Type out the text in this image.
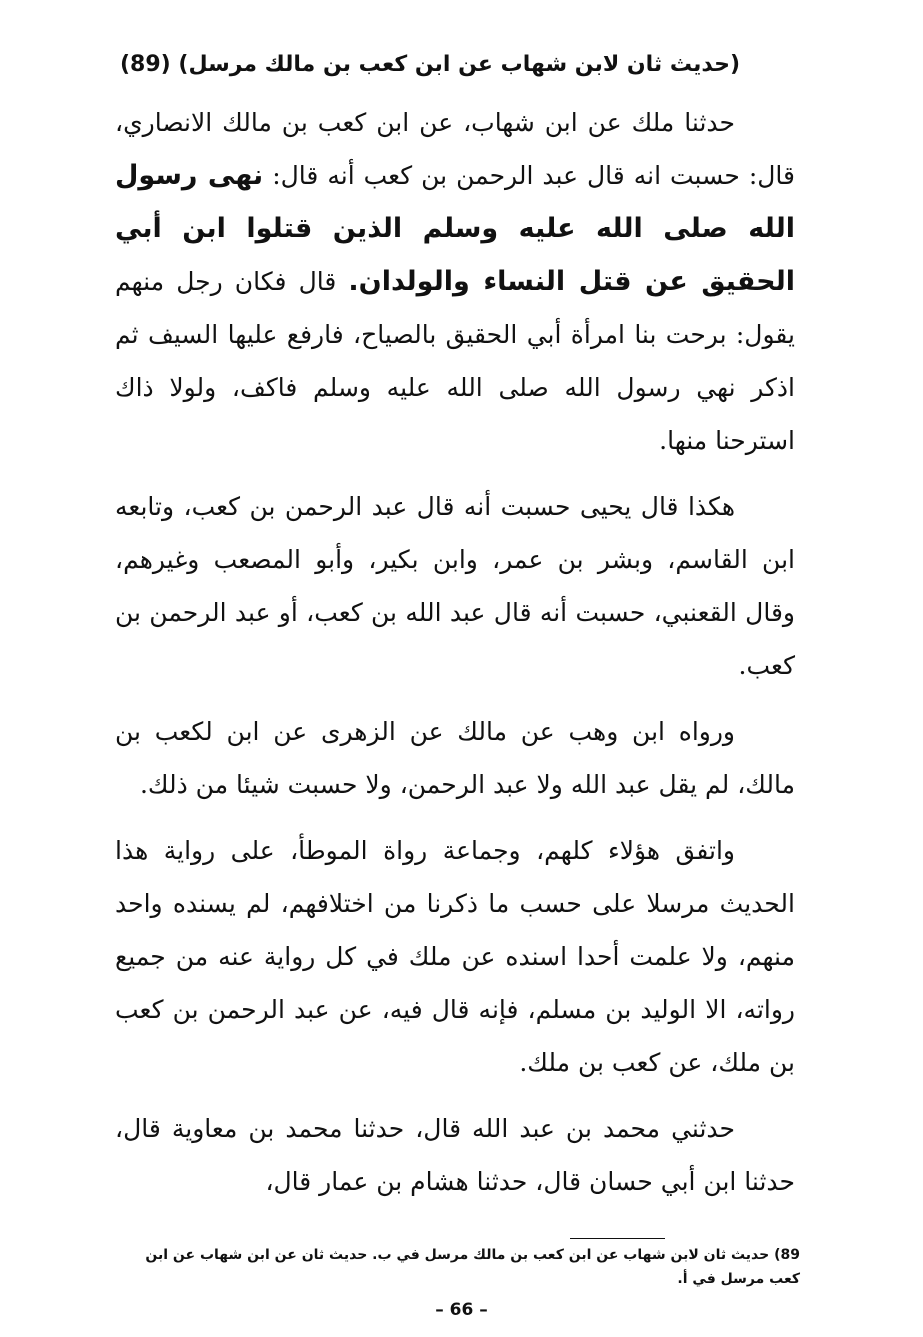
(حديث ثان لابن شهاب عن ابن كعب بن مالك مرسل) (89)

حدثنا ملك عن ابن شهاب، عن ابن كعب بن مالك الانصاري، قال: حسبت انه قال عبد الرحمن بن كعب أنه قال: نهى رسول الله صلى الله عليه وسلم الذين قتلوا ابن أبي الحقيق عن قتل النساء والولدان. قال فكان رجل منهم يقول: برحت بنا امرأة أبي الحقيق بالصياح، فارفع عليها السيف ثم اذكر نهي رسول الله صلى الله عليه وسلم فاكف، ولولا ذاك استرحنا منها.

هكذا قال يحيى حسبت أنه قال عبد الرحمن بن كعب، وتابعه ابن القاسم، وبشر بن عمر، وابن بكير، وأبو المصعب وغيرهم، وقال القعنبي، حسبت أنه قال عبد الله بن كعب، أو عبد الرحمن بن كعب.

ورواه ابن وهب عن مالك عن الزهرى عن ابن لكعب بن مالك، لم يقل عبد الله ولا عبد الرحمن، ولا حسبت شيئا من ذلك.

واتفق هؤلاء كلهم، وجماعة رواة الموطأ، على رواية هذا الحديث مرسلا على حسب ما ذكرنا من اختلافهم، لم يسنده واحد منهم، ولا علمت أحدا اسنده عن ملك في كل رواية عنه من جميع رواته، الا الوليد بن مسلم، فإنه قال فيه، عن عبد الرحمن بن كعب بن ملك، عن كعب بن ملك.

حدثني محمد بن عبد الله قال، حدثنا محمد بن معاوية قال، حدثنا ابن أبي حسان قال، حدثنا هشام بن عمار قال،

89) حديث ثان لابن شهاب عن ابن كعب بن مالك مرسل في ب. حديث ثان عن ابن شهاب عن ابن كعب مرسل في أ.
– 66 –
